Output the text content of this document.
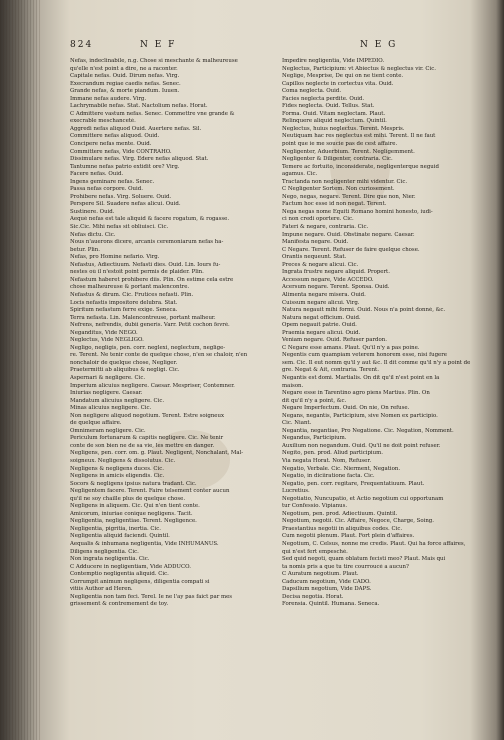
824	N E F	N E G
Nefas, indeclinabile, n.g. Chose si meschante & malheureuse
qu'elle n'est point a dire, ne a raconter.
Capitale nefas. Ouid. Dirum nefas. Virg.
Execrandum regiae caedis nefas. Senec.
Grande nefas, & morte piandum. Iuuen.
Immane nefas audere. Virg.
Lachrymabile nefas. Stat. Nactolium nefas. Horat.
C Admittere vastum nefas. Senec. Commettre vne grande &
execrable meschanceté.
Aggredi nefas aliquod Ouid. Auertere nefas. Sil.
Committere nefas aliquod. Ouid.
Concipere nefas mente. Ouid.
Committere nefas, Vide CONTRAHO.
Dissimulare nefas. Virg. Edere nefas aliquod. Stat.
Tantumne nefas patrio extidit ore? Virg.
Facere nefas. Ouid.
Ingens geminare nefas. Senec.
Passa nefas corpore. Ouid.
Prohibere nefas. Virg. Soluere. Ouid.
Perspere Sil. Suadere nefas alicui. Ouid.
Sustinere. Ouid.
Aequé nefas est tale aliquid & facere rogatum, & rogasse.
Sic.Cic. Mihi nefas sit obliuisci. Cic.
Nefas dictu. Cic.
Nous n'auerons dicere, arcanis ceremoniarum nefas ha-
betur. Plin.
Nefas, pro Homine nefario. Virg.
Nefastus, Adiectiuum. Nefasti dies. Ouid. Lin. Iours fu-
nestes où il n'estoit point permis de plaider. Plin.
Nefastum haberet prohibere diis. Plin. On estime cela estre
chose malheureuse & portant malencontre.
Nefastus & dirum. Cic. Frutices nefasti. Plin.
Locis nefastis impositore delubra. Stat.
Spiritum nefastum ferre exige. Seneca.
Terra nefasta. Lin. Malencontreuse, portant malheur.
Nefrens, nefrendis, dubii generis. Varr. Petit cochon fevré.
Neganditus, Vide NEGO.
Neglectus, Vide NEGLIGO.
Negligo, negligis, pen. corr. neglexi, neglectum, neglige-
re. Terent. Ne tenir conte de quelque chose, n'en se chaloir, n'en
nonchaloir de quelque chose, Negliger.
Praetermitti ab aliquibus & negligi. Cic.
Aspernari & negligere. Cic.
Imperium alicuius negligere. Caesar. Mespriser, Contemner.
Iniurias negligere. Caesar.
Mandatum alicuius negligere. Cic.
Minas alicuius negligere. Cic.
Non negligere aliquod negotium. Terent. Estre soigneux
de quelque affaire.
Omnimeram negligere. Cic.
Periculum fortunarum & capitis negligere. Cic. Ne tenir
conte de son bien ne de sa vie, les mettre en danger.
Negligens, pen. corr. om. g. Plaut. Negligent, Nonchalant, Mal-
soigneux. Negligens & dissolutus. Cic.
Negligens & negligens duces. Cic.
Negligens in amicis eligendis. Cic.
Socors & negligens ipsius natura tradant. Cic.
Negligentem facere. Terent. Faire telsement conter aucun
qu'il ne soy chaille plus de quelque chose.
Negligens in aliquem. Cic. Qui n'en tient conte.
Amicorum, iniuriae conique negligens. Tacit.
Negligentia, negligentiae. Terent. Negligence.
Negligentia, pigritia, inertia. Cic.
Negligentia aliquid faciendi. Quintil.
Aequalis & inhumana negligentia, Vide INHUMANUS.
Diligens negligentia. Cic.
Non ingrata negligentia. Cic.
C Adducere in negligentiam, Vide ADDUCO.
Contemptio negligentia aliquid. Cic.
Corrumpit animum negligens, diligentia compati si
vitiis Author ad Heren.
Negligentia non tam feci. Terel. Ie ne l'ay pas faict par mes
grissement & contremement de toy.
Impedire negligentia, Vide IMPEDIO.
Neglectus, Participium: vt Abiectus & neglectus vir. Cic.
Neglige, Mesprise, De qui on ne tient conte.
Capillos neglecte in cortectus vita. Ouid.
Coma neglecta. Ouid.
Facies neglecta perdite. Ouid.
Fides neglecta. Ouid. Tellus. Stat.
Forma. Ouid. Vitam neglectam. Plaut.
Relinquere aliquid neglectum. Quintil.
Neglectus, huius neglectus. Terent. Mespris.
Neutiquam hac res neglectus est mihi. Terent. Il ne faut
point que ie me soucie pas de cest affaire.
Negligenter, Aduerbium. Terent. Negligemment.
Negligenter & Diligenter, contraria. Cic.
Temere ac fortuito, inconsiderate, negligenterque neguid
agamus. Cic.
Tractanda non negligenter mihi videntur. Cic.
C Negligenter Sortem. Non curiosement.
Nego, negas, negare. Terent. Dire que non, Nier.
Factum hoc esse id non negat. Terent.
Nega negas nome Equiti Romano homini honesto, iudi-
ci non credi oportere. Cic.
Fateri & negare, contraria. Cic.
Impune negare. Ouid. Obstinate negare. Caesar.
Manifesta negare. Ouid.
C Negare. Terent. Refuser de faire quelque chose.
Orantis nequeunt. Stat.
Preces & negare alicui. Cic.
Ingrata frustre negare aliquid. Propert.
Accessum negare, Vide ACCEDO.
Acersum negare. Terent. Sponsa. Ouid.
Alimenta negare misera. Ouid.
Cuissum negare alicui. Virg.
Natura negauit mihi formi. Ouid. Nous n'a point donné, &c.
Natura negat officium. Ouid.
Opem negauit patrie. Ouid.
Praemia negare alicui. Ouid.
Veniam negare. Ouid. Refuser pardon.
C Negare esse amans. Plaut. Qu'il n'y a pas poine.
Negentis cum quampiam veterem honorem esse, nisi fugere
sem. Cic. Il eut nomm qu'il y aut &c. Il dit comme qu'il n'y a point de
gre. Negat & Ait, contraria. Terent.
Negantis est domi. Martialis. On dit qu'il n'est point en la
maison.
Negare esse in Tarentino agro piens Martius. Plin. On
dit qu'il n'y a point, &c.
Negare Imperfectum. Ouid. On nie, On refuse.
Negans, negantis, Participium, sive Nomen ex participio.
Cic. Niant.
Negantia, negantiae, Pro Negatione. Cic. Negation, Nomment.
Negandus, Participium.
Auxilium non negandum. Ouid. Qu'il ne doit point refuser.
Negito, pen. prod. Aliud participium.
Via negata Horat. Nom, Refuser.
Negatio, Verbale. Cic. Nierment, Negation.
Negatio, in diciiratione facta. Cic.
Negatio, pen. corr. regitare, Frequentatiuum. Plaut.
Lucretius.
Negotiatio, Nuncupatio, et Actio negotium cui opportunam
tur Confessio. Vipianus.
Negotium, pen. prod. Adiectiuum. Quintil.
Negotium, negotii. Cic. Affaire, Negoce, Charge, Soing.
Praestantius negotii in aliquibus codes. Cic.
Cum negotii plenum. Plaut. Fort plein d'affaires.
Negotium, C. Celsus, nonne me credis. Plaut. Qui ha force affaires,
qui n'est fert empesché.
Sed quid negoti, quam oblatum fecisti meo? Plaut. Mais qui
ta nomis pris a que tu tire courroucé a aucun?
C Auratum negotium. Plaut.
Caducum negotium, Vide CADO.
Dapsilium negotium, Vide DAPS.
Decisa negotia. Horat.
Forensia. Quintil. Humana. Seneca.
